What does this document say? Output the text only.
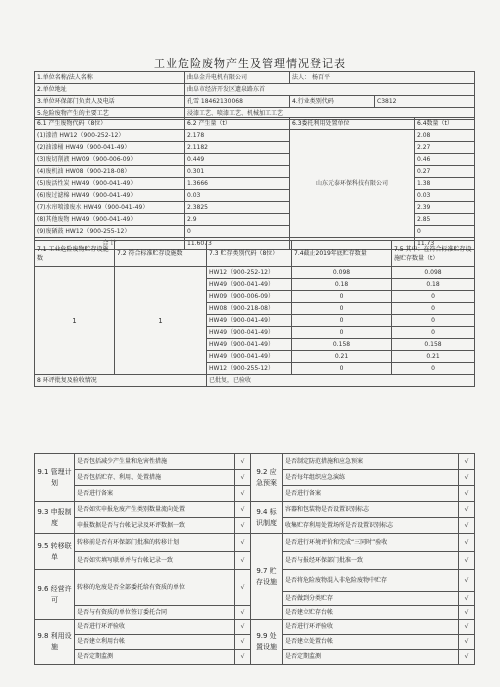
工业危险废物产生及管理情况登记表
1.单位名称/法人名称	曲阜金升电机有限公司	法人： 杨百平	
2.单位地址	曲阜市经济开发区遗泉路东首		
3.单位环保部门负责人及电话	孔雪 18462130068	4.行业类别代码	C3812
5.危险废物产生的主要工艺	浸漆工艺、喷漆工艺、机械加工工艺		
6.1 产生废物代码（8位）	6.2 产生量（t）	6.3委托利用处置单位	6.4数量（t）
(1)漆渣 HW12（900-252-12）	2.178	山东元泰环保科技有限公司	2.08
(2)油漆桶 HW49（900-041-49）	2.1182		2.27
(3)废切削液 HW09（900-006-09）	0.449		0.46
(4)废机油 HW08（900-218-08）	0.301		0.27
(5)废活性炭 HW49（900-041-49）	1.3666		1.38
(6)废过滤棉 HW49（900-041-49）	0.03		0.03
(7)水帘喷漆废水 HW49（900-041-49）	2.3825		2.39
(8)其他废物 HW49（900-041-49）	2.9		2.85
(9)废硒鼓 HW12（900-255-12）	0		0
合 计	11.6073		11.73
7.1 工业危险废物贮存设施数	7.2 符合标准贮存设施数	7.3 贮存类别代码（8位）	7.4截止2019年底贮存数量	7.5 其中：在符合标准贮存设施贮存数量（t）
1	1	HW12（900-252-12）	0.098	0.098
		HW49（900-041-49）	0.18	0.18
		HW09（900-006-09）	0	0
		HW08（900-218-08）	0	0
		HW49（900-041-49）	0	0
		HW49（900-041-49）	0	0
		HW49（900-041-49）	0.158	0.158
		HW49（900-041-49）	0.21	0.21
		HW12（900-255-12）	0	0
8 环评批复及验收情况		已批复，已验收		
9.1 管理计划	是否包括减少产生量和危害性措施	√	9.2 应急预案	是否制定防范措施和应急预案	√
	是否包括贮存、利用、处置措施	√		是否每年组织应急演练	√
	是否进行备案	√		是否进行备案	√
9.3 申报制度	是否如实申报危废产生类别数量流向处置	√	9.4 标识制度	容器和包装物是否设置识别标志	√
	申报数据是否与台帐记录及环评数据一致	√		收集贮存利用处置场所是否设置识别标志	√
9.5 转移联单	转移前是否有环保部门批准的转移计划	√	9.7 贮存设施	是否进行环境评价和完成“三同时”验收	√
	是否如实填写联单并与台帐记录一致	√		是否与报经环保部门批准一致	√
9.6 经营许可	转移的危废是否全部委托给有资质的单位	√		是否将危险废物混入非危险废物中贮存	√
				是否做到分类贮存	√
	是否与有资质的单位签订委托合同	√		是否建立贮存台帐	√
9.8 利用设施	是否进行环评验收	√	9.9 处置设施	是否进行环评验收	√
	是否建立利用台帐	√		是否建立处置台帐	√
	是否定期监测	√		是否定期监测	√
